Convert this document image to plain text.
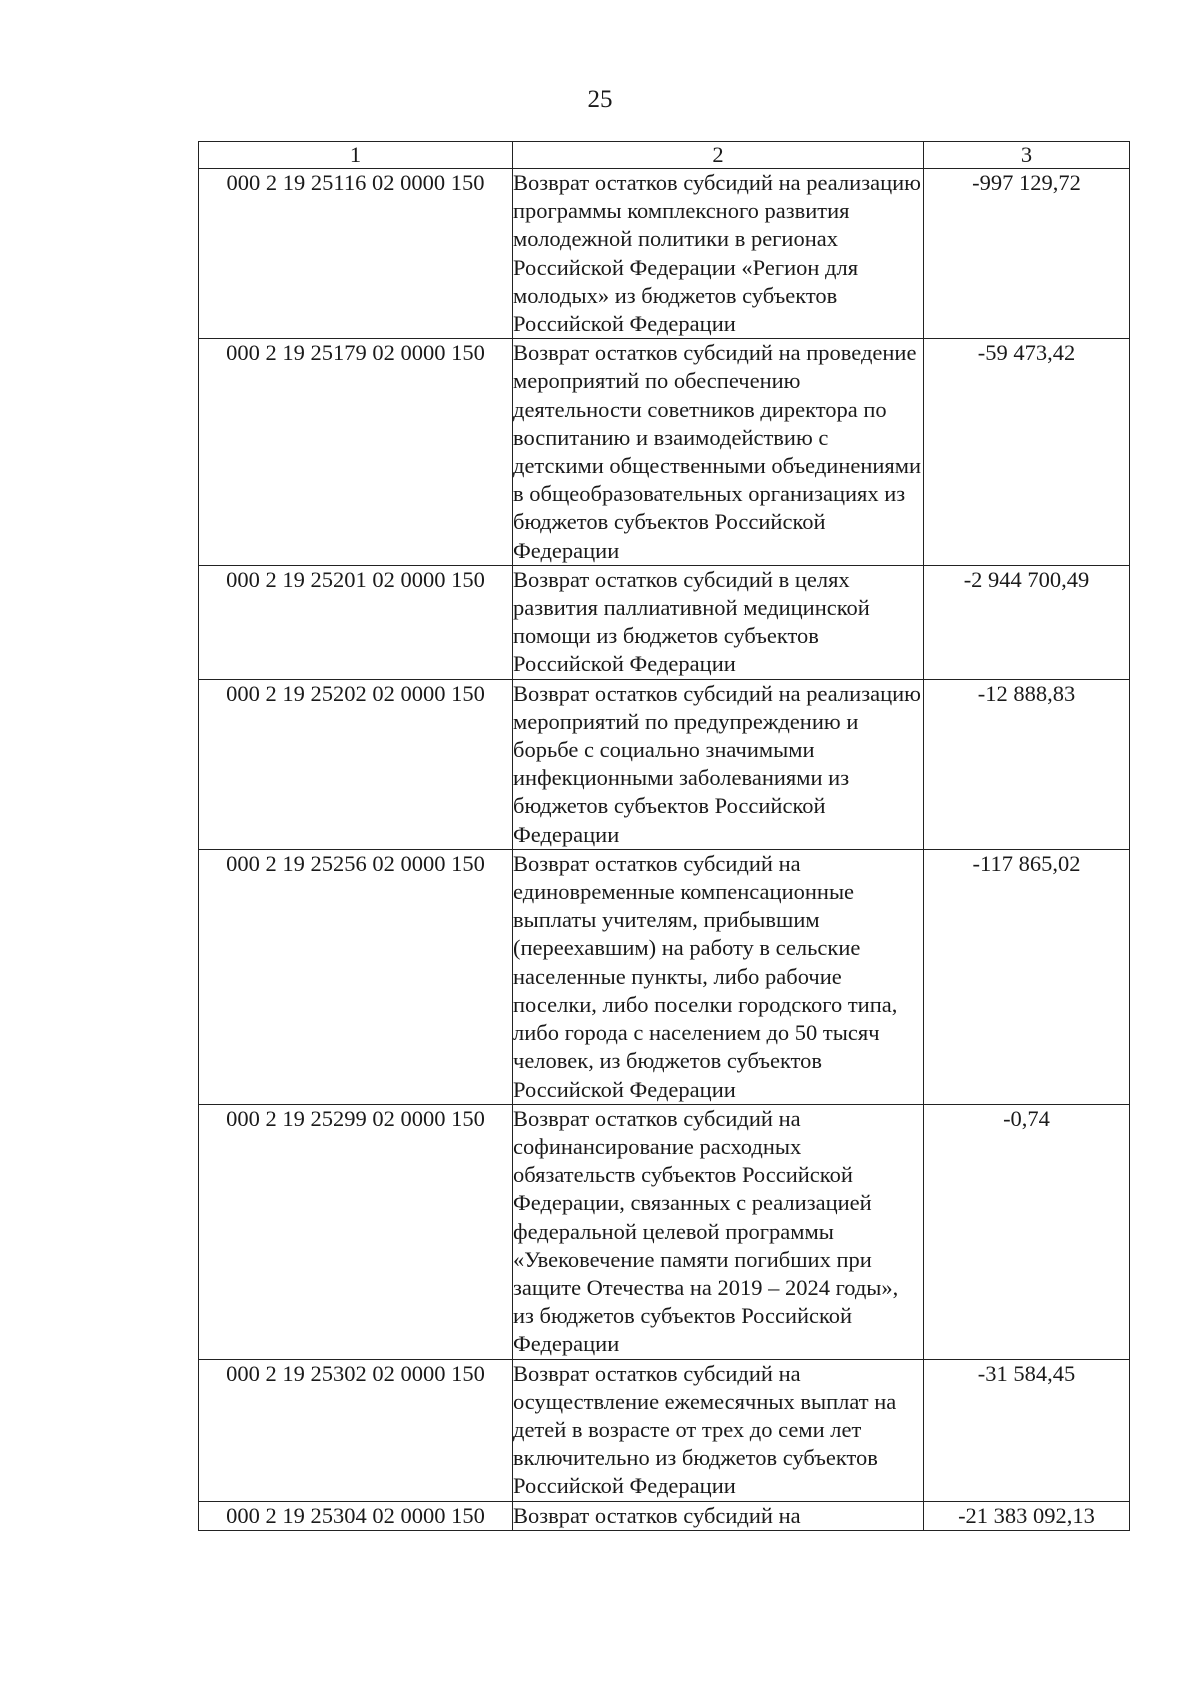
25
1	2	3
000 2 19 25116 02 0000 150	Возврат остатков субсидий на реализацию программы комплексного развития молодежной политики в регионах Российской Федерации «Регион для молодых» из бюджетов субъектов Российской Федерации	-997 129,72
000 2 19 25179 02 0000 150	Возврат остатков субсидий на проведение мероприятий по обеспечению деятельности советников директора по воспитанию и взаимодействию с детскими общественными объединениями в общеобразовательных организациях из бюджетов субъектов Российской Федерации	-59 473,42
000 2 19 25201 02 0000 150	Возврат остатков субсидий в целях развития паллиативной медицинской помощи из бюджетов субъектов Российской Федерации	-2 944 700,49
000 2 19 25202 02 0000 150	Возврат остатков субсидий на реализацию мероприятий по предупреждению и борьбе с социально значимыми инфекционными заболеваниями из бюджетов субъектов Российской Федерации	-12 888,83
000 2 19 25256 02 0000 150	Возврат остатков субсидий на единовременные компенсационные выплаты учителям, прибывшим (переехавшим) на работу в сельские населенные пункты, либо рабочие поселки, либо поселки городского типа, либо города с населением до 50 тысяч человек, из бюджетов субъектов Российской Федерации	-117 865,02
000 2 19 25299 02 0000 150	Возврат остатков субсидий на софинансирование расходных обязательств субъектов Российской Федерации, связанных с реализацией федеральной целевой программы «Увековечение памяти погибших при защите Отечества на 2019 – 2024 годы», из бюджетов субъектов Российской Федерации	-0,74
000 2 19 25302 02 0000 150	Возврат остатков субсидий на осуществление ежемесячных выплат на детей в возрасте от трех до семи лет включительно из бюджетов субъектов Российской Федерации	-31 584,45
000 2 19 25304 02 0000 150	Возврат остатков субсидий на	-21 383 092,13
